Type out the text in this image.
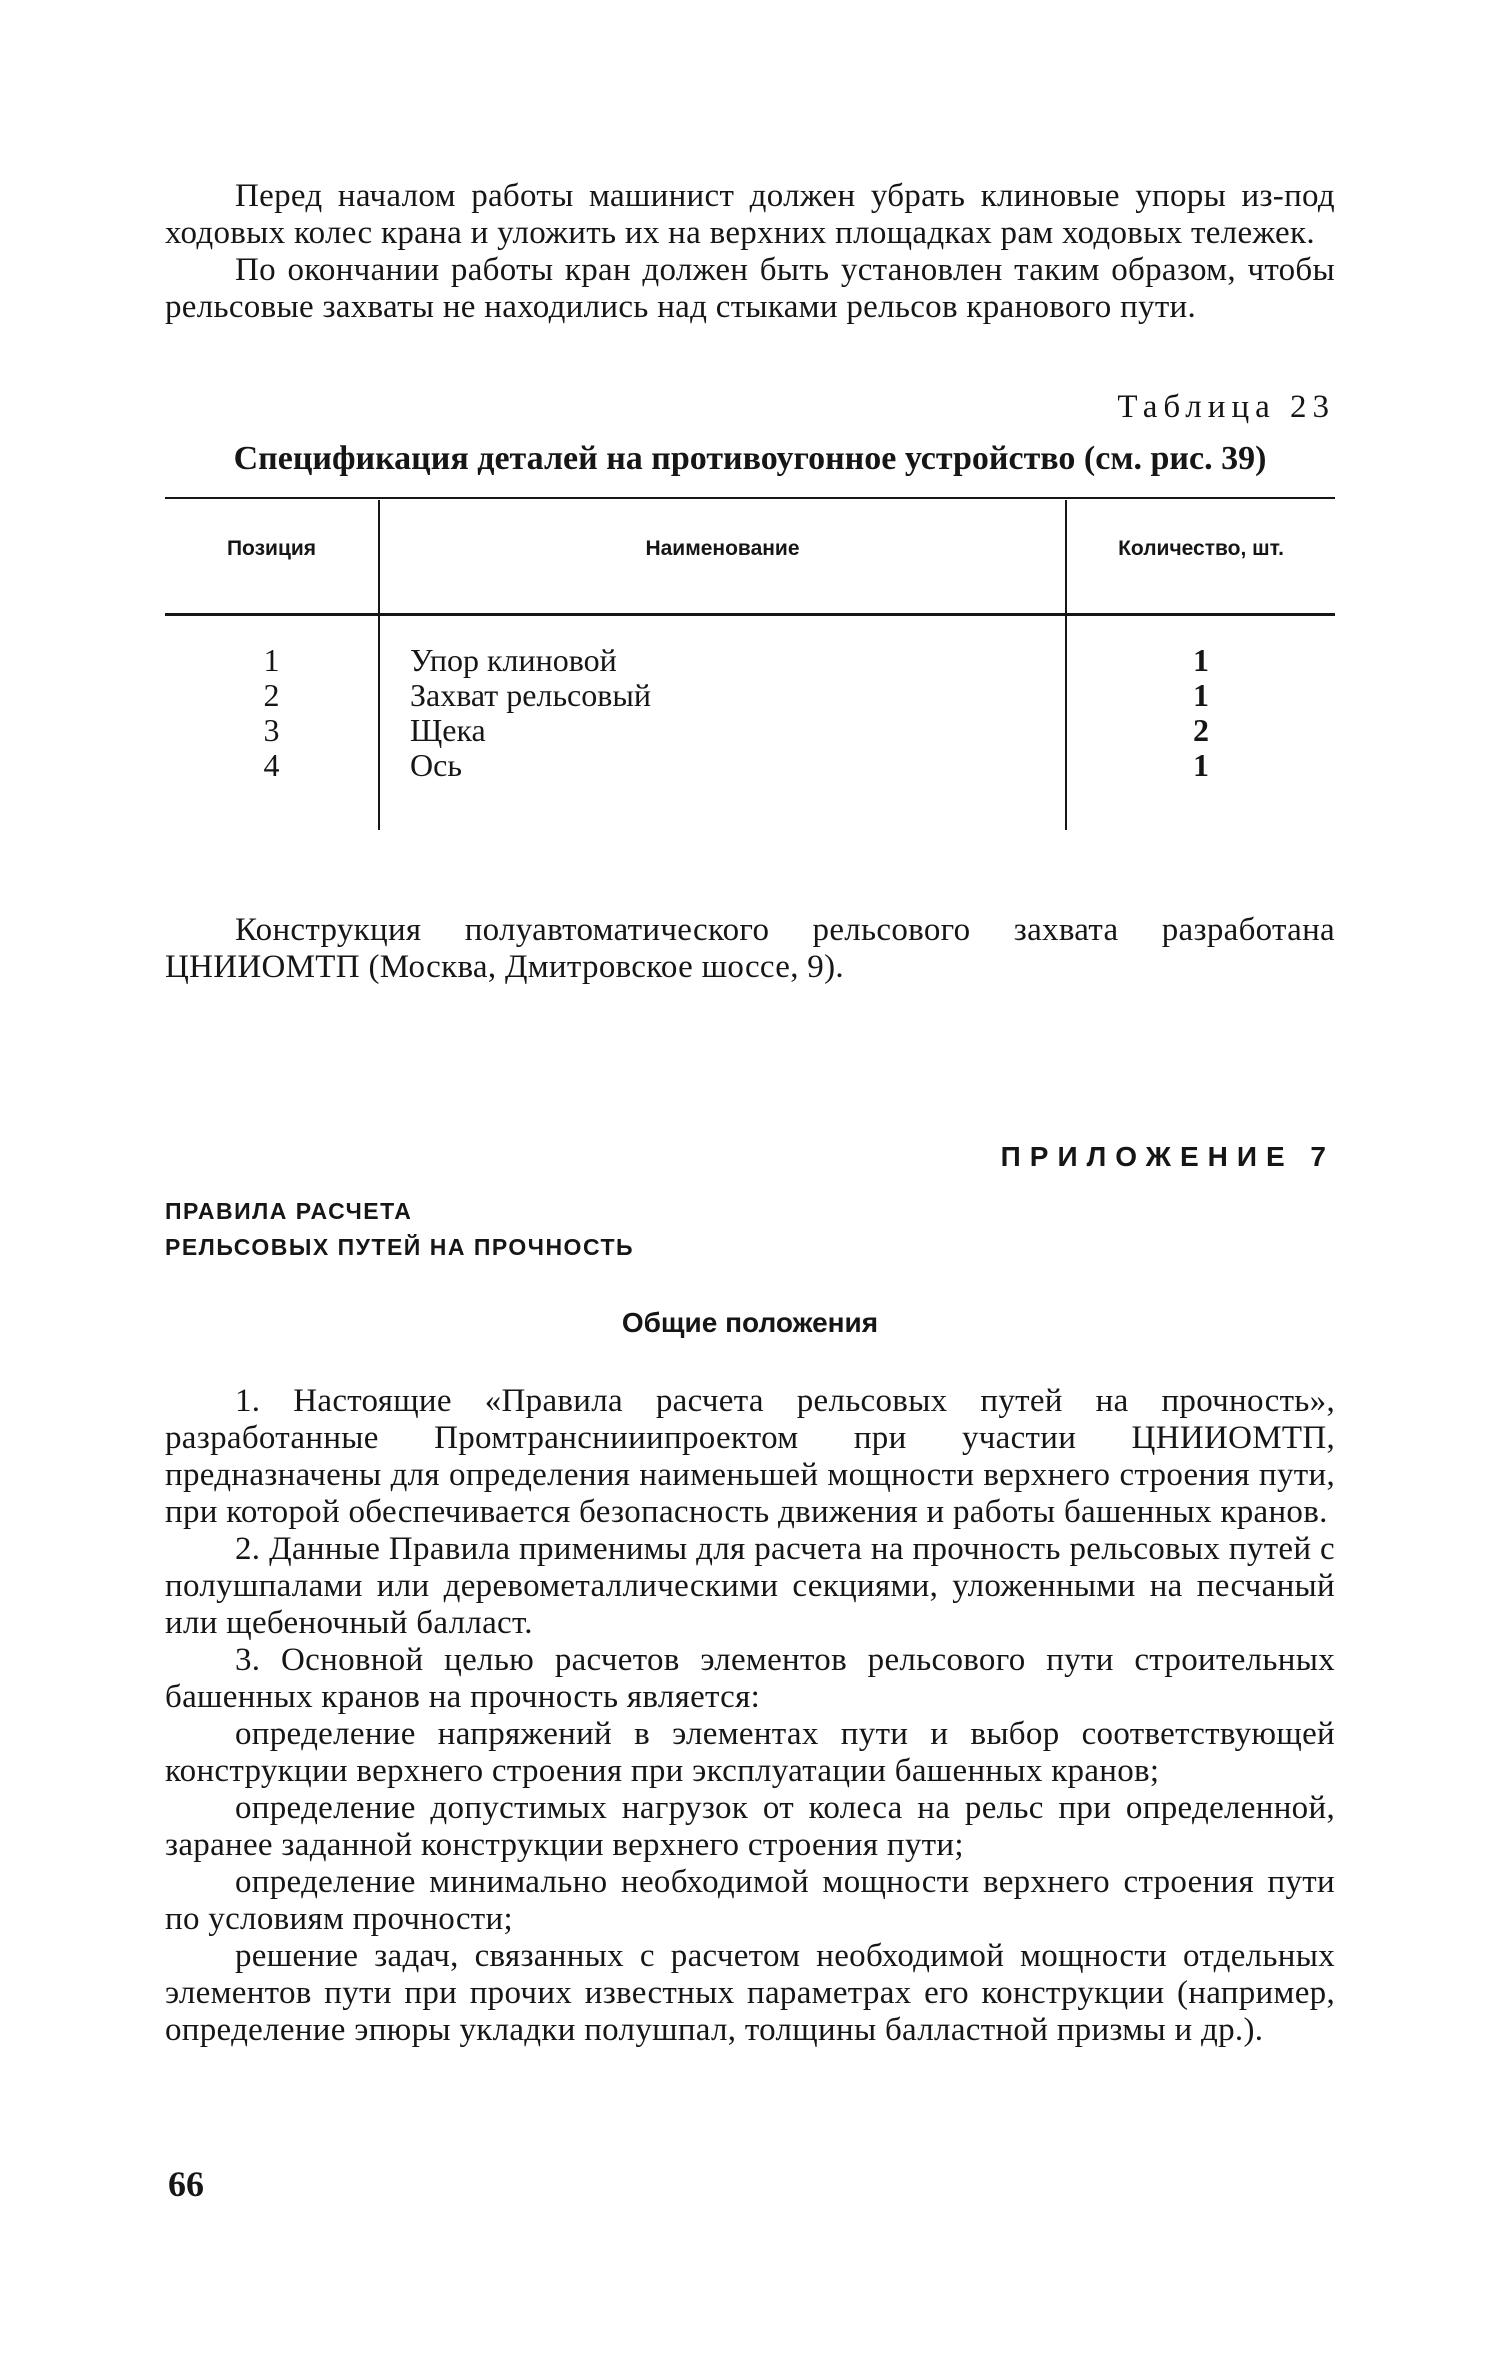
Перед началом работы машинист должен убрать клиновые упоры из-под ходовых колес крана и уложить их на верхних площадках рам ходовых тележек.

По окончании работы кран должен быть установлен таким образом, чтобы рельсовые захваты не находились над стыками рельсов кранового пути.

Таблица 23
Спецификация деталей на противоугонное устройство (см. рис. 39)
Позиция	Наименование	Количество, шт.
1	Упор клиновой	1
2	Захват рельсовый	1
3	Щека	2
4	Ось	1

Конструкция полуавтоматического рельсового захвата разработана ЦНИИОМТП (Москва, Дмитровское шоссе, 9).

ПРИЛОЖЕНИЕ 7
ПРАВИЛА РАСЧЕТА
РЕЛЬСОВЫХ ПУТЕЙ НА ПРОЧНОСТЬ
Общие положения

1. Настоящие «Правила расчета рельсовых путей на прочность», разработанные Промтранснииипроектом при участии ЦНИИОМТП, предназначены для определения наименьшей мощности верхнего строения пути, при которой обеспечивается безопасность движения и работы башенных кранов.

2. Данные Правила применимы для расчета на прочность рельсовых путей с полушпалами или деревометаллическими секциями, уложенными на песчаный или щебеночный балласт.

3. Основной целью расчетов элементов рельсового пути строительных башенных кранов на прочность является:

определение напряжений в элементах пути и выбор соответствующей конструкции верхнего строения при эксплуатации башенных кранов;

определение допустимых нагрузок от колеса на рельс при определенной, заранее заданной конструкции верхнего строения пути;

определение минимально необходимой мощности верхнего строения пути по условиям прочности;

решение задач, связанных с расчетом необходимой мощности отдельных элементов пути при прочих известных параметрах его конструкции (например, определение эпюры укладки полушпал, толщины балластной призмы и др.).

66
